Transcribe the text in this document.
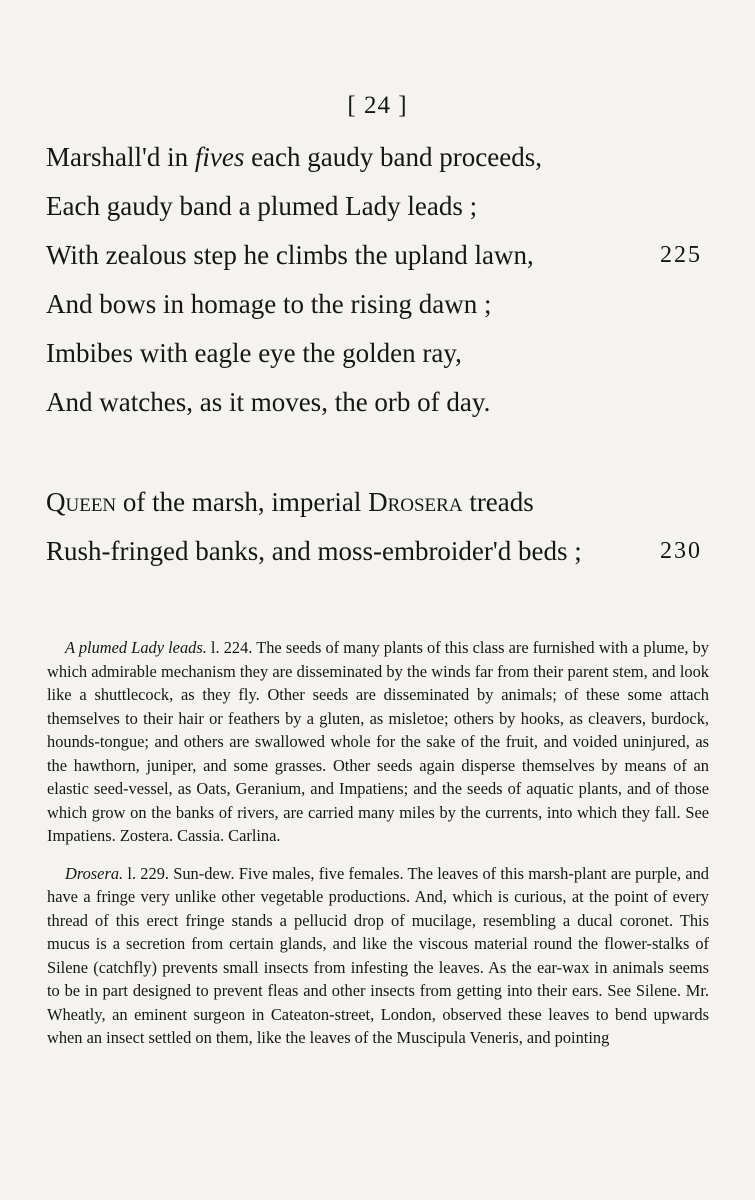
[ 24 ]
Marshall'd in fives each gaudy band proceeds,
Each gaudy band a plumed Lady leads ;
With zealous step he climbs the upland lawn,	225
And bows in homage to the rising dawn ;
Imbibes with eagle eye the golden ray,
And watches, as it moves, the orb of day.
Queen of the marsh, imperial Drosera treads
Rush-fringed banks, and moss-embroider'd beds ;	230

A plumed Lady leads. l. 224. The seeds of many plants of this class are furnished with a plume, by which admirable mechanism they are disseminated by the winds far from their parent stem, and look like a shuttlecock, as they fly. Other seeds are disseminated by animals; of these some attach themselves to their hair or feathers by a gluten, as misletoe; others by hooks, as cleavers, burdock, hounds-tongue; and others are swallowed whole for the sake of the fruit, and voided uninjured, as the hawthorn, juniper, and some grasses. Other seeds again disperse themselves by means of an elastic seed-vessel, as Oats, Geranium, and Impatiens; and the seeds of aquatic plants, and of those which grow on the banks of rivers, are carried many miles by the currents, into which they fall. See Impatiens. Zostera. Cassia. Carlina.

Drosera. l. 229. Sun-dew. Five males, five females. The leaves of this marsh-plant are purple, and have a fringe very unlike other vegetable productions. And, which is curious, at the point of every thread of this erect fringe stands a pellucid drop of mucilage, resembling a ducal coronet. This mucus is a secretion from certain glands, and like the viscous material round the flower-stalks of Silene (catchfly) prevents small insects from infesting the leaves. As the ear-wax in animals seems to be in part designed to prevent fleas and other insects from getting into their ears. See Silene. Mr. Wheatly, an eminent surgeon in Cateaton-street, London, observed these leaves to bend upwards when an insect settled on them, like the leaves of the Muscipula Veneris, and pointing
